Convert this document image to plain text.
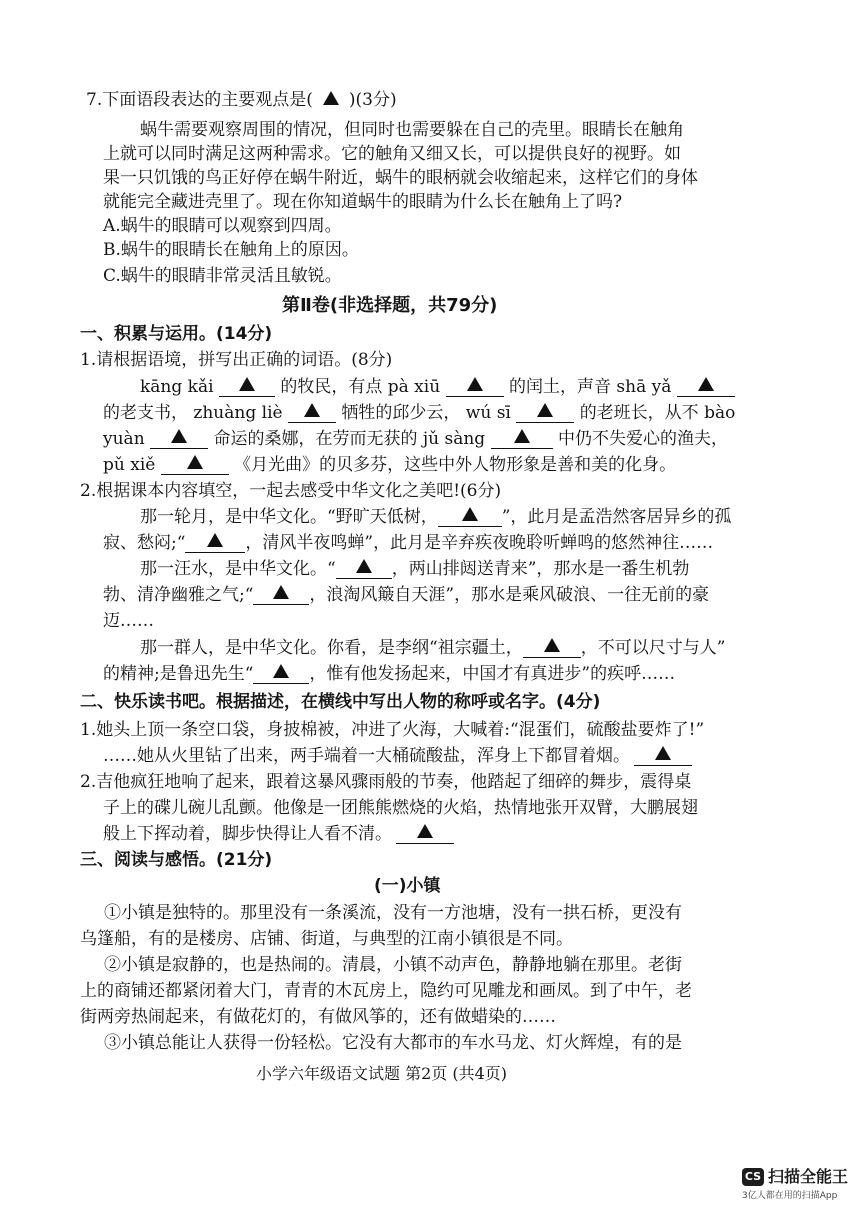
7.下面语段表达的主要观点是( )(3分)
蜗牛需要观察周围的情况，但同时也需要躲在自己的壳里。眼睛长在触角
上就可以同时满足这两种需求。它的触角又细又长，可以提供良好的视野。如
果一只饥饿的鸟正好停在蜗牛附近，蜗牛的眼柄就会收缩起来，这样它们的身体
就能完全藏进壳里了。现在你知道蜗牛的眼睛为什么长在触角上了吗?
A.蜗牛的眼睛可以观察到四周。
B.蜗牛的眼睛长在触角上的原因。
C.蜗牛的眼睛非常灵活且敏锐。
第Ⅱ卷(非选择题，共79分)
一、积累与运用。(14分)
1.请根据语境，拼写出正确的词语。(8分)
kāng kǎi	的牧民，有点 pà xiū	的闰土，声音 shā yǎ
的老支书， zhuàng liè	牺牲的邱少云， wú sī	的老班长，从不 bào
yuàn	命运的桑娜，在劳而无获的 jǔ sàng	中仍不失爱心的渔夫，
pǔ xiě	《月光曲》的贝多芬，这些中外人物形象是善和美的化身。
2.根据课本内容填空，一起去感受中华文化之美吧!(6分)
那一轮月，是中华文化。“野旷天低树，	”，此月是孟浩然客居异乡的孤
寂、愁闷;“	，清风半夜鸣蝉”，此月是辛弃疾夜晚聆听蝉鸣的悠然神往……
那一汪水，是中华文化。“	，两山排闼送青来”，那水是一番生机勃
勃、清净幽雅之气;“	，浪淘风簸自天涯”，那水是乘风破浪、一往无前的豪
迈……
那一群人，是中华文化。你看，是李纲“祖宗疆土，	，不可以尺寸与人”
的精神;是鲁迅先生“	，惟有他发扬起来，中国才有真进步”的疾呼……
二、快乐读书吧。根据描述，在横线中写出人物的称呼或名字。(4分)
1.她头上顶一条空口袋，身披棉被，冲进了火海，大喊着:“混蛋们，硫酸盐要炸了!”
……她从火里钻了出来，两手端着一大桶硫酸盐，浑身上下都冒着烟。
2.吉他疯狂地响了起来，跟着这暴风骤雨般的节奏，他踏起了细碎的舞步，震得桌
子上的碟儿碗儿乱颤。他像是一团熊熊燃烧的火焰，热情地张开双臂，大鹏展翅
般上下挥动着，脚步快得让人看不清。
三、阅读与感悟。(21分)
(一)小镇
①小镇是独特的。那里没有一条溪流，没有一方池塘，没有一拱石桥，更没有
乌篷船，有的是楼房、店铺、街道，与典型的江南小镇很是不同。
②小镇是寂静的，也是热闹的。清晨，小镇不动声色，静静地躺在那里。老街
上的商铺还都紧闭着大门，青青的木瓦房上，隐约可见雕龙和画凤。到了中午，老
街两旁热闹起来，有做花灯的，有做风筝的，还有做蜡染的……
③小镇总能让人获得一份轻松。它没有大都市的车水马龙、灯火辉煌，有的是
小学六年级语文试题 第2页 (共4页)
CS 扫描全能王
3亿人都在用的扫描App
